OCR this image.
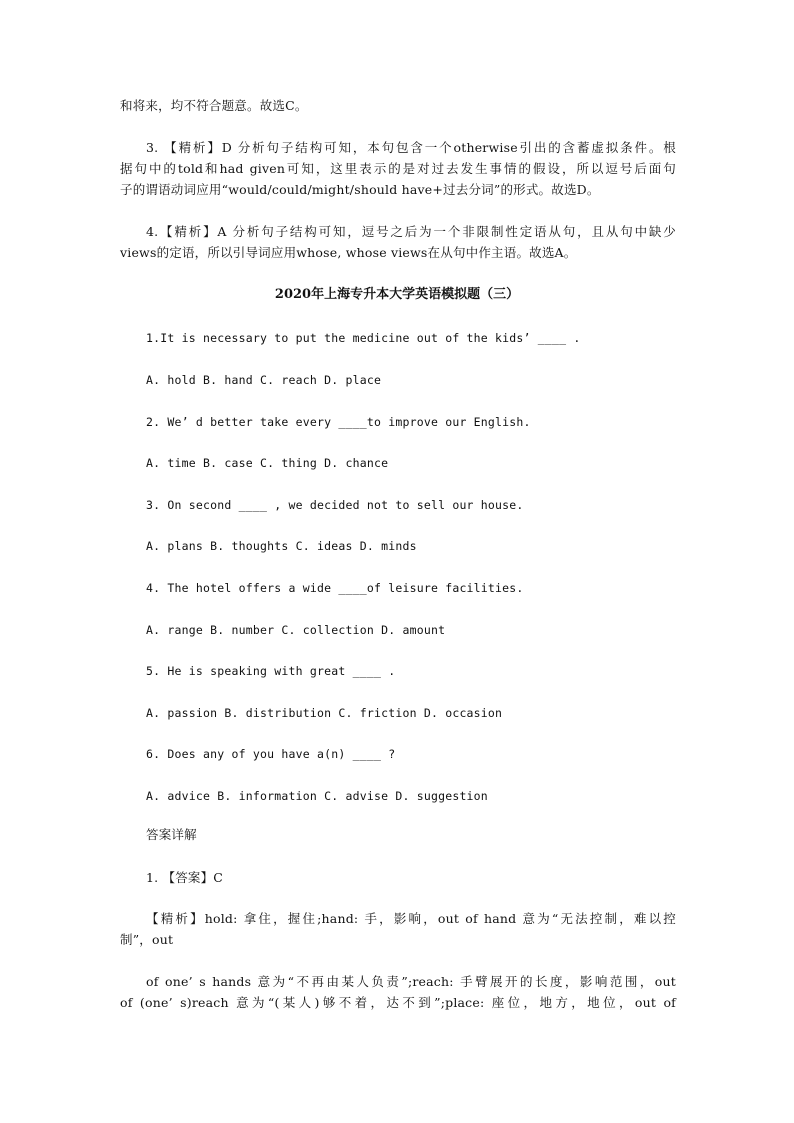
和将来，均不符合题意。故选C。
3. 【精析】D 分析句子结构可知，本句包含一个otherwise引出的含蓄虚拟条件。根
据句中的told和had given可知，这里表示的是对过去发生事情的假设，所以逗号后面句
子的谓语动词应用“would/could/might/should have+过去分词”的形式。故选D。
4.【精析】A 分析句子结构可知，逗号之后为一个非限制性定语从句，且从句中缺少
views的定语，所以引导词应用whose, whose views在从句中作主语。故选A。
2020年上海专升本大学英语模拟题（三）
1.It is necessary to put the medicine out of the kids’ ____ .
A. hold B. hand C. reach D. place
2. We’ d better take every ____to improve our English.
A. time B. case C. thing D. chance
3. On second ____ , we decided not to sell our house.
A. plans B. thoughts C. ideas D. minds
4. The hotel offers a wide ____of leisure facilities.
A. range B. number C. collection D. amount
5. He is speaking with great ____ .
A. passion B. distribution C. friction D. occasion
6. Does any of you have a(n) ____ ?
A. advice B. information C. advise D. suggestion
答案详解
1. 【答案】C
【精析】hold: 拿住，握住;hand: 手，影响，out of hand 意为“无法控制，难以控
制”，out
of one’ s hands 意为“不再由某人负责”;reach: 手臂展开的长度，影响范围，out
of (one’ s)reach 意为“(某人)够不着，达不到”;place: 座位，地方，地位，out of
